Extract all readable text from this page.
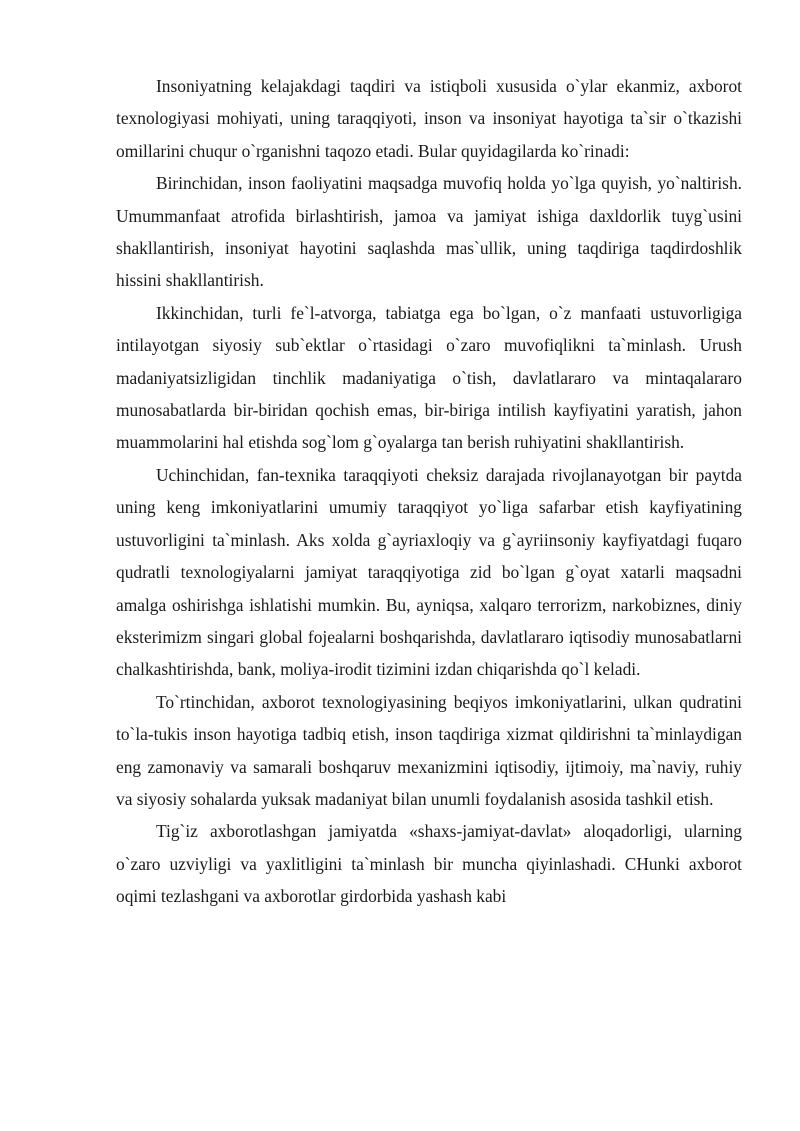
Insoniyatning kelajakdagi taqdiri va istiqboli xususida o`ylar ekanmiz, axborot texnologiyasi mohiyati, uning taraqqiyoti, inson va insoniyat hayotiga ta`sir o`tkazishi omillarini chuqur o`rganishni taqozo etadi. Bular quyidagilarda ko`rinadi:

Birinchidan, inson faoliyatini maqsadga muvofiq holda yo`lga quyish, yo`naltirish. Umummanfaat atrofida birlashtirish, jamoa va jamiyat ishiga daxldorlik tuyg`usini shakllantirish, insoniyat hayotini saqlashda mas`ullik, uning taqdiriga taqdirdoshlik hissini shakllantirish.

Ikkinchidan, turli fe`l-atvorga, tabiatga ega bo`lgan, o`z manfaati ustuvorligiga intilayotgan siyosiy sub`ektlar o`rtasidagi o`zaro muvofiqlikni ta`minlash. Urush madaniyatsizligidan tinchlik madaniyatiga o`tish, davlatlararo va mintaqalararo munosabatlarda bir-biridan qochish emas, bir-biriga intilish kayfiyatini yaratish, jahon muammolarini hal etishda sog`lom g`oyalarga tan berish ruhiyatini shakllantirish.

Uchinchidan, fan-texnika taraqqiyoti cheksiz darajada rivojlanayotgan bir paytda uning keng imkoniyatlarini umumiy taraqqiyot yo`liga safarbar etish kayfiyatining ustuvorligini ta`minlash. Aks xolda g`ayriaxloqiy va g`ayriinsoniy kayfiyatdagi fuqaro qudratli texnologiyalarni jamiyat taraqqiyotiga zid bo`lgan g`oyat xatarli maqsadni amalga oshirishga ishlatishi mumkin. Bu, ayniqsa, xalqaro terrorizm, narkobiznes, diniy eksterimizm singari global fojealarni boshqarishda, davlatlararo iqtisodiy munosabatlarni chalkashtirishda, bank, moliya-irodit tizimini izdan chiqarishda qo`l keladi.

To`rtinchidan, axborot texnologiyasining beqiyos imkoniyatlarini, ulkan qudratini to`la-tukis inson hayotiga tadbiq etish, inson taqdiriga xizmat qildirishni ta`minlaydigan eng zamonaviy va samarali boshqaruv mexanizmini iqtisodiy, ijtimoiy, ma`naviy, ruhiy va siyosiy sohalarda yuksak madaniyat bilan unumli foydalanish asosida tashkil etish.

Tig`iz axborotlashgan jamiyatda «shaxs-jamiyat-davlat» aloqadorligi, ularning o`zaro uzviyligi va yaxlitligini ta`minlash bir muncha qiyinlashadi. CHunki axborot oqimi tezlashgani va axborotlar girdorbida yashash kabi
